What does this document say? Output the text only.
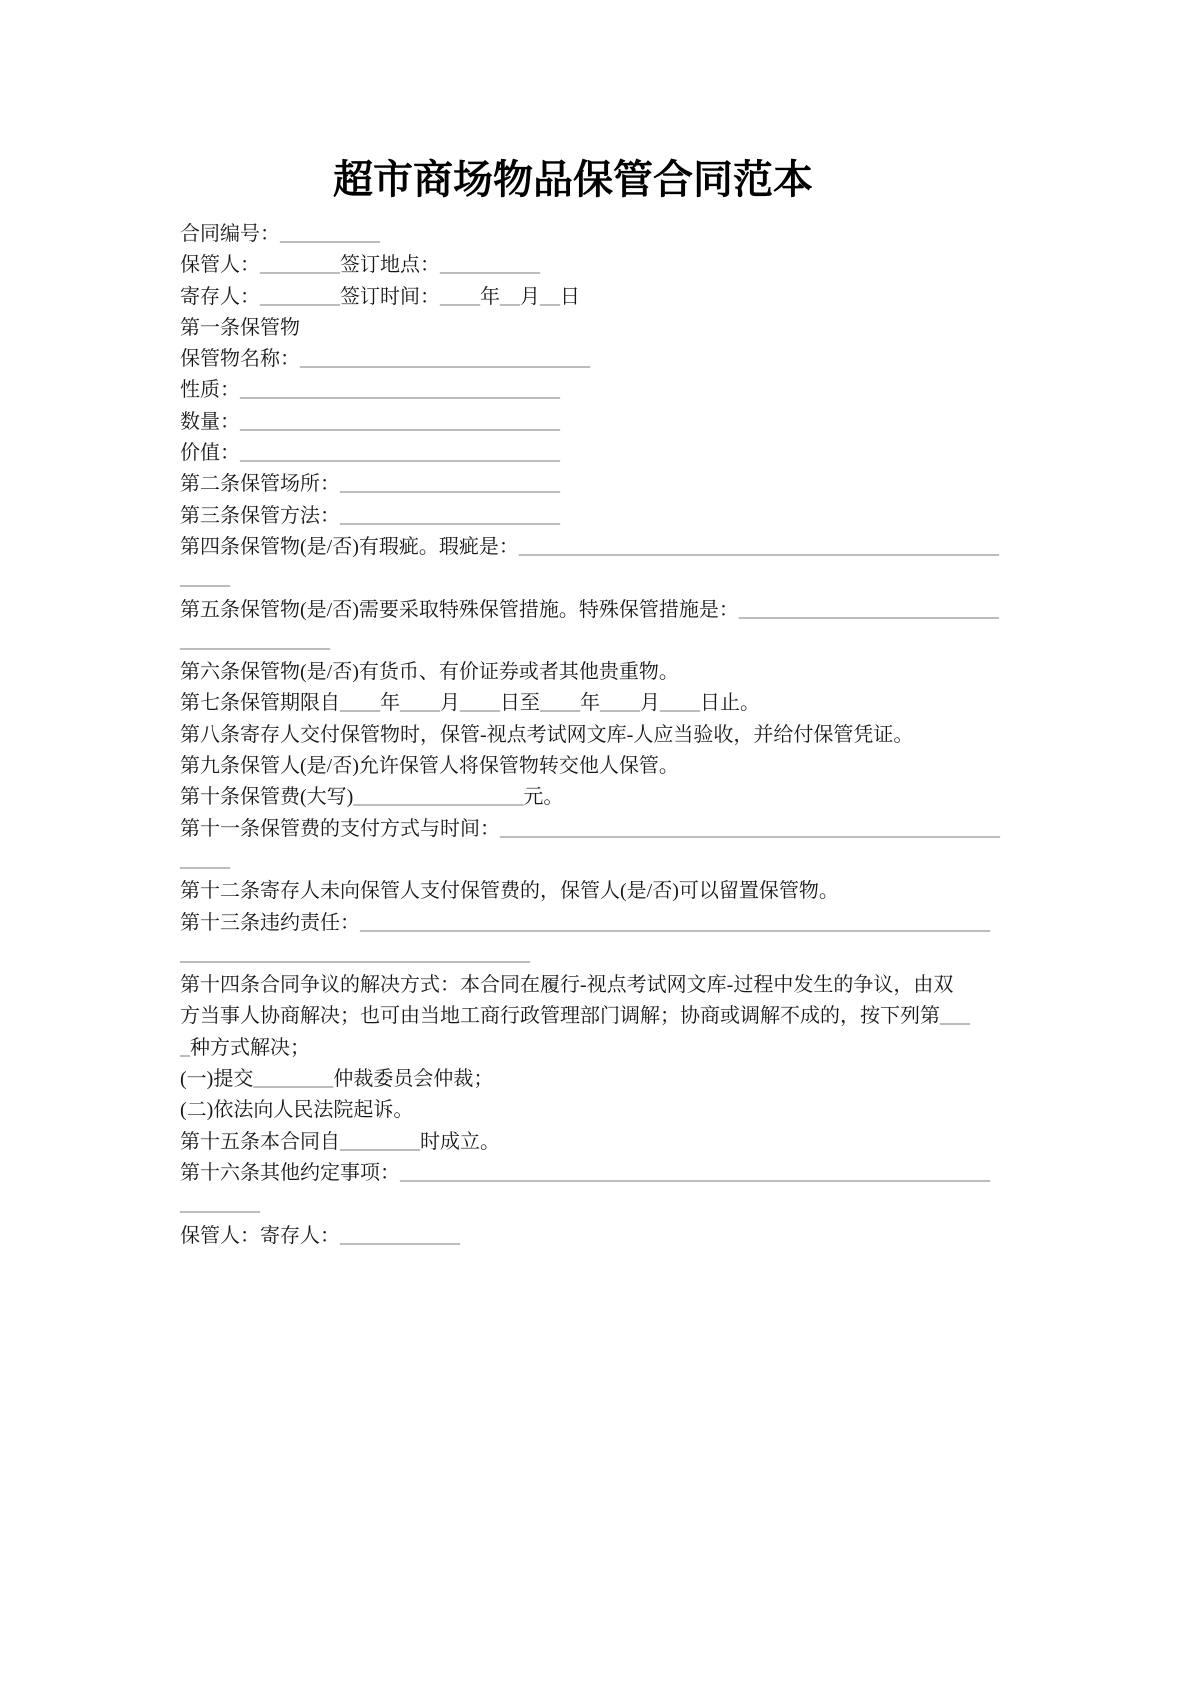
超市商场物品保管合同范本
合同编号：__________
保管人：________签订地点：__________
寄存人：________签订时间：____年__月__日
第一条保管物
保管物名称：_____________________________
性质：________________________________
数量：________________________________
价值：________________________________
第二条保管场所：______________________
第三条保管方法：______________________
第四条保管物(是/否)有瑕疵。瑕疵是：________________________________________________
_____
第五条保管物(是/否)需要采取特殊保管措施。特殊保管措施是：__________________________
_______________
第六条保管物(是/否)有货币、有价证券或者其他贵重物。
第七条保管期限自____年____月____日至____年____月____日止。
第八条寄存人交付保管物时，保管-视点考试网文库-人应当验收，并给付保管凭证。
第九条保管人(是/否)允许保管人将保管物转交他人保管。
第十条保管费(大写)_________________元。
第十一条保管费的支付方式与时间：__________________________________________________
_____
第十二条寄存人未向保管人支付保管费的，保管人(是/否)可以留置保管物。
第十三条违约责任：_______________________________________________________________
___________________________________
第十四条合同争议的解决方式：本合同在履行-视点考试网文库-过程中发生的争议，由双
方当事人协商解决；也可由当地工商行政管理部门调解；协商或调解不成的，按下列第___
_种方式解决；
(一)提交________仲裁委员会仲裁；
(二)依法向人民法院起诉。
第十五条本合同自________时成立。
第十六条其他约定事项：___________________________________________________________
________
保管人：寄存人：____________
